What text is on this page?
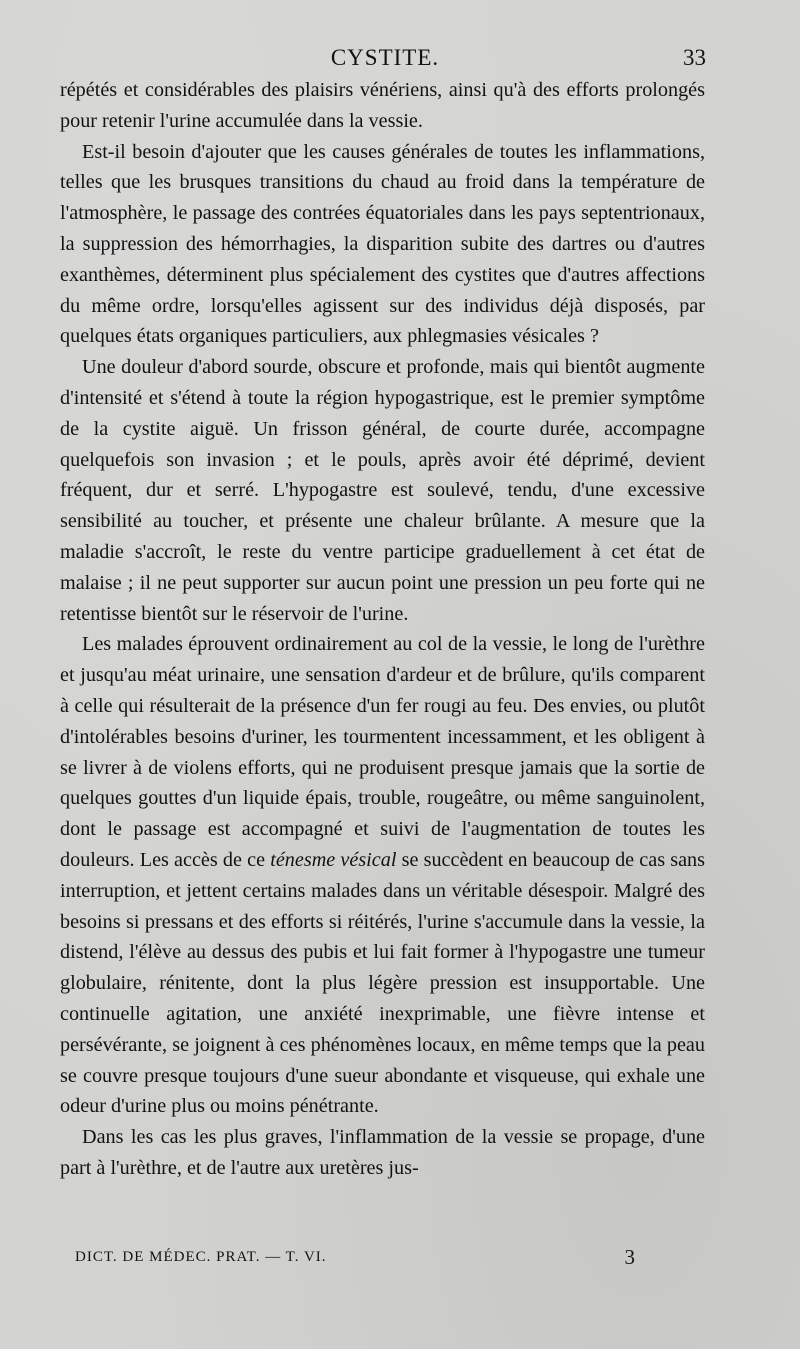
CYSTITE.	33

répétés et considérables des plaisirs vénériens, ainsi qu'à des efforts prolongés pour retenir l'urine accumulée dans la vessie.

Est-il besoin d'ajouter que les causes générales de toutes les inflammations, telles que les brusques transitions du chaud au froid dans la température de l'atmosphère, le passage des contrées équatoriales dans les pays septentrionaux, la suppression des hémorrhagies, la disparition subite des dartres ou d'autres exanthèmes, déterminent plus spécialement des cystites que d'autres affections du même ordre, lorsqu'elles agissent sur des individus déjà disposés, par quelques états organiques particuliers, aux phlegmasies vésicales ?

Une douleur d'abord sourde, obscure et profonde, mais qui bientôt augmente d'intensité et s'étend à toute la région hypogastrique, est le premier symptôme de la cystite aiguë. Un frisson général, de courte durée, accompagne quelquefois son invasion ; et le pouls, après avoir été déprimé, devient fréquent, dur et serré. L'hypogastre est soulevé, tendu, d'une excessive sensibilité au toucher, et présente une chaleur brûlante. A mesure que la maladie s'accroît, le reste du ventre participe graduellement à cet état de malaise ; il ne peut supporter sur aucun point une pression un peu forte qui ne retentisse bientôt sur le réservoir de l'urine.

Les malades éprouvent ordinairement au col de la vessie, le long de l'urèthre et jusqu'au méat urinaire, une sensation d'ardeur et de brûlure, qu'ils comparent à celle qui résulterait de la présence d'un fer rougi au feu. Des envies, ou plutôt d'intolérables besoins d'uriner, les tourmentent incessamment, et les obligent à se livrer à de violens efforts, qui ne produisent presque jamais que la sortie de quelques gouttes d'un liquide épais, trouble, rougeâtre, ou même sanguinolent, dont le passage est accompagné et suivi de l'augmentation de toutes les douleurs. Les accès de ce ténesme vésical se succèdent en beaucoup de cas sans interruption, et jettent certains malades dans un véritable désespoir. Malgré des besoins si pressans et des efforts si réitérés, l'urine s'accumule dans la vessie, la distend, l'élève au dessus des pubis et lui fait former à l'hypogastre une tumeur globulaire, rénitente, dont la plus légère pression est insupportable. Une continuelle agitation, une anxiété inexprimable, une fièvre intense et persévérante, se joignent à ces phénomènes locaux, en même temps que la peau se couvre presque toujours d'une sueur abondante et visqueuse, qui exhale une odeur d'urine plus ou moins pénétrante.

Dans les cas les plus graves, l'inflammation de la vessie se propage, d'une part à l'urèthre, et de l'autre aux uretères jus-

DICT. DE MÉDEC. PRAT. — T. VI.	3
